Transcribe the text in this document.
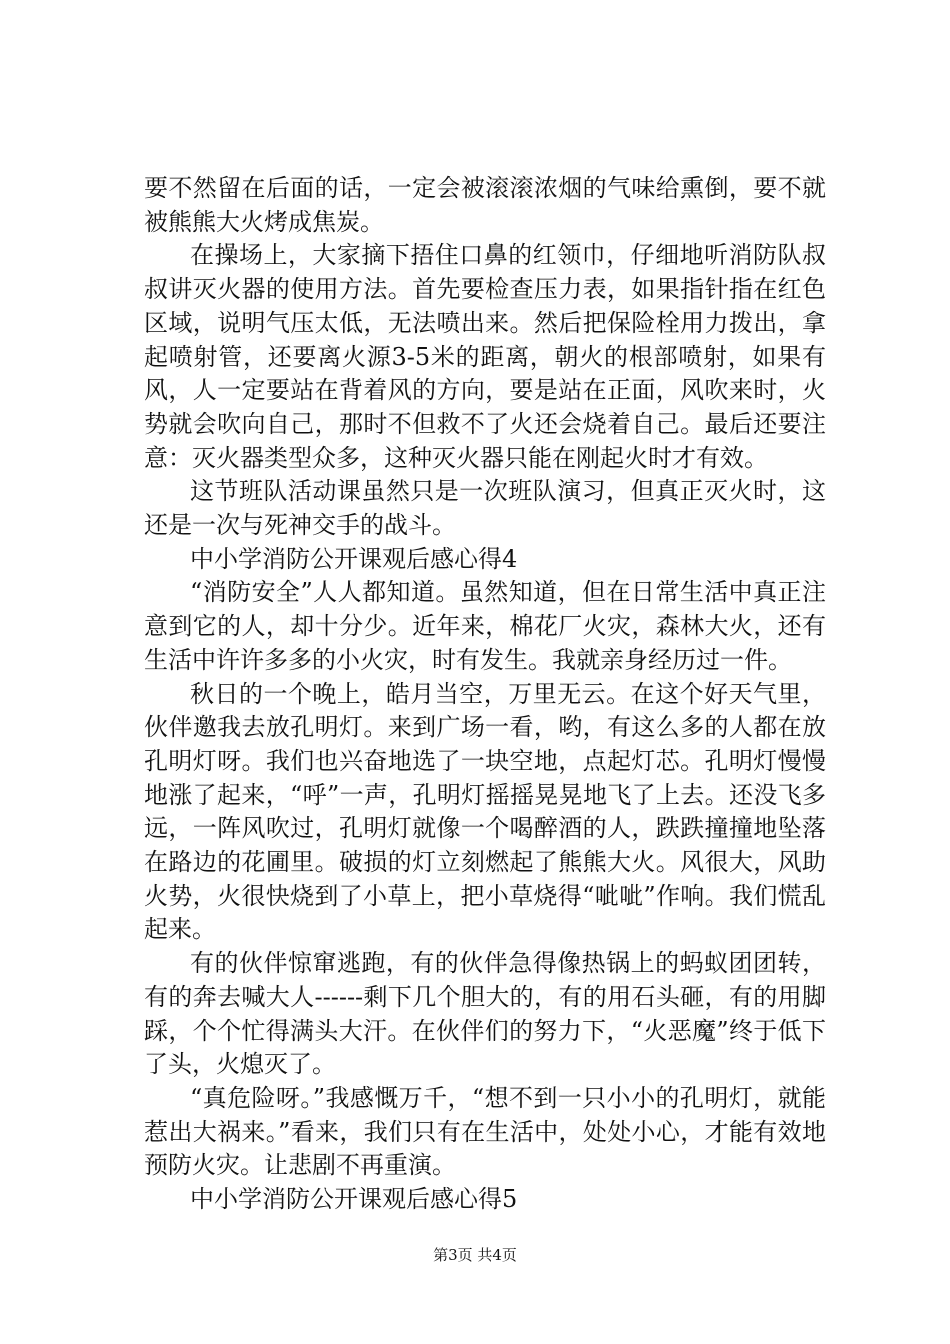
要不然留在后面的话，一定会被滚滚浓烟的气味给熏倒，要不就被熊熊大火烤成焦炭。

在操场上，大家摘下捂住口鼻的红领巾，仔细地听消防队叔叔讲灭火器的使用方法。首先要检查压力表，如果指针指在红色区域，说明气压太低，无法喷出来。然后把保险栓用力拨出，拿起喷射管，还要离火源3-5米的距离，朝火的根部喷射，如果有风，人一定要站在背着风的方向，要是站在正面，风吹来时，火势就会吹向自己，那时不但救不了火还会烧着自己。最后还要注意：灭火器类型众多，这种灭火器只能在刚起火时才有效。

这节班队活动课虽然只是一次班队演习，但真正灭火时，这还是一次与死神交手的战斗。

中小学消防公开课观后感心得4

“消防安全”人人都知道。虽然知道，但在日常生活中真正注意到它的人，却十分少。近年来，棉花厂火灾，森林大火，还有生活中许许多多的小火灾，时有发生。我就亲身经历过一件。

秋日的一个晚上，皓月当空，万里无云。在这个好天气里，伙伴邀我去放孔明灯。来到广场一看，哟，有这么多的人都在放孔明灯呀。我们也兴奋地选了一块空地，点起灯芯。孔明灯慢慢地涨了起来，“呼”一声，孔明灯摇摇晃晃地飞了上去。还没飞多远，一阵风吹过，孔明灯就像一个喝醉酒的人，跌跌撞撞地坠落在路边的花圃里。破损的灯立刻燃起了熊熊大火。风很大，风助火势，火很快烧到了小草上，把小草烧得“呲呲”作响。我们慌乱起来。

有的伙伴惊窜逃跑，有的伙伴急得像热锅上的蚂蚁团团转，有的奔去喊大人------剩下几个胆大的，有的用石头砸，有的用脚踩，个个忙得满头大汗。在伙伴们的努力下，“火恶魔”终于低下了头，火熄灭了。

“真危险呀。”我感慨万千，“想不到一只小小的孔明灯，就能惹出大祸来。”看来，我们只有在生活中，处处小心，才能有效地预防火灾。让悲剧不再重演。

中小学消防公开课观后感心得5

第3页 共4页
